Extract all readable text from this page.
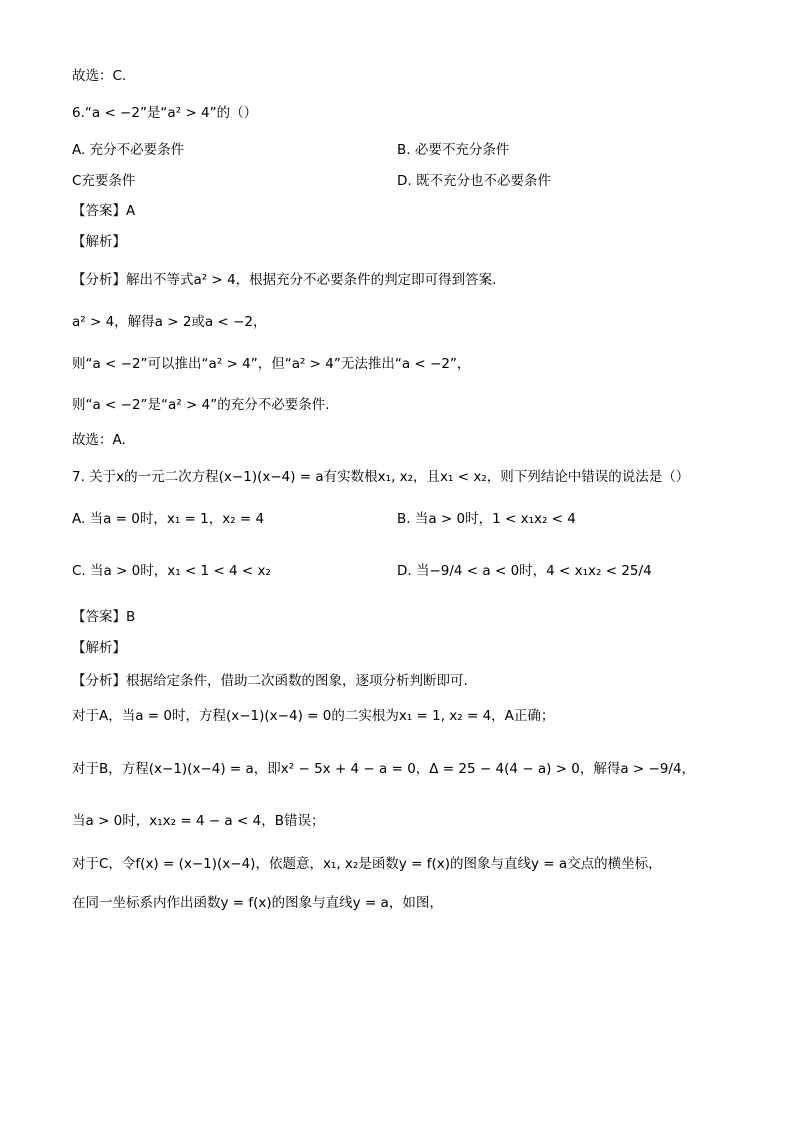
故选：C.
6.“a < −2”是“a² > 4”的（）
A. 充分不必要条件	B. 必要不充分条件
C充要条件	D. 既不充分也不必要条件
【答案】A
【解析】
【分析】解出不等式a² > 4，根据充分不必要条件的判定即可得到答案.
a² > 4，解得a > 2或a < −2，
则“a < −2”可以推出“a² > 4”，但“a² > 4”无法推出“a < −2”，
则“a < −2”是“a² > 4”的充分不必要条件.
故选：A.
7. 关于x的一元二次方程(x−1)(x−4) = a有实数根x₁, x₂，且x₁ < x₂，则下列结论中错误的说法是（）
A. 当a = 0时，x₁ = 1，x₂ = 4	B. 当a > 0时，1 < x₁x₂ < 4
C. 当a > 0时，x₁ < 1 < 4 < x₂	D. 当−9/4 < a < 0时，4 < x₁x₂ < 25/4
【答案】B
【解析】
【分析】根据给定条件，借助二次函数的图象，逐项分析判断即可.
对于A，当a = 0时，方程(x−1)(x−4) = 0的二实根为x₁ = 1, x₂ = 4，A正确；
对于B，方程(x−1)(x−4) = a，即x² − 5x + 4 − a = 0，Δ = 25 − 4(4 − a) > 0，解得a > −9/4，
当a > 0时，x₁x₂ = 4 − a < 4，B错误；
对于C，令f(x) = (x−1)(x−4)，依题意，x₁, x₂是函数y = f(x)的图象与直线y = a交点的横坐标，
在同一坐标系内作出函数y = f(x)的图象与直线y = a，如图，
